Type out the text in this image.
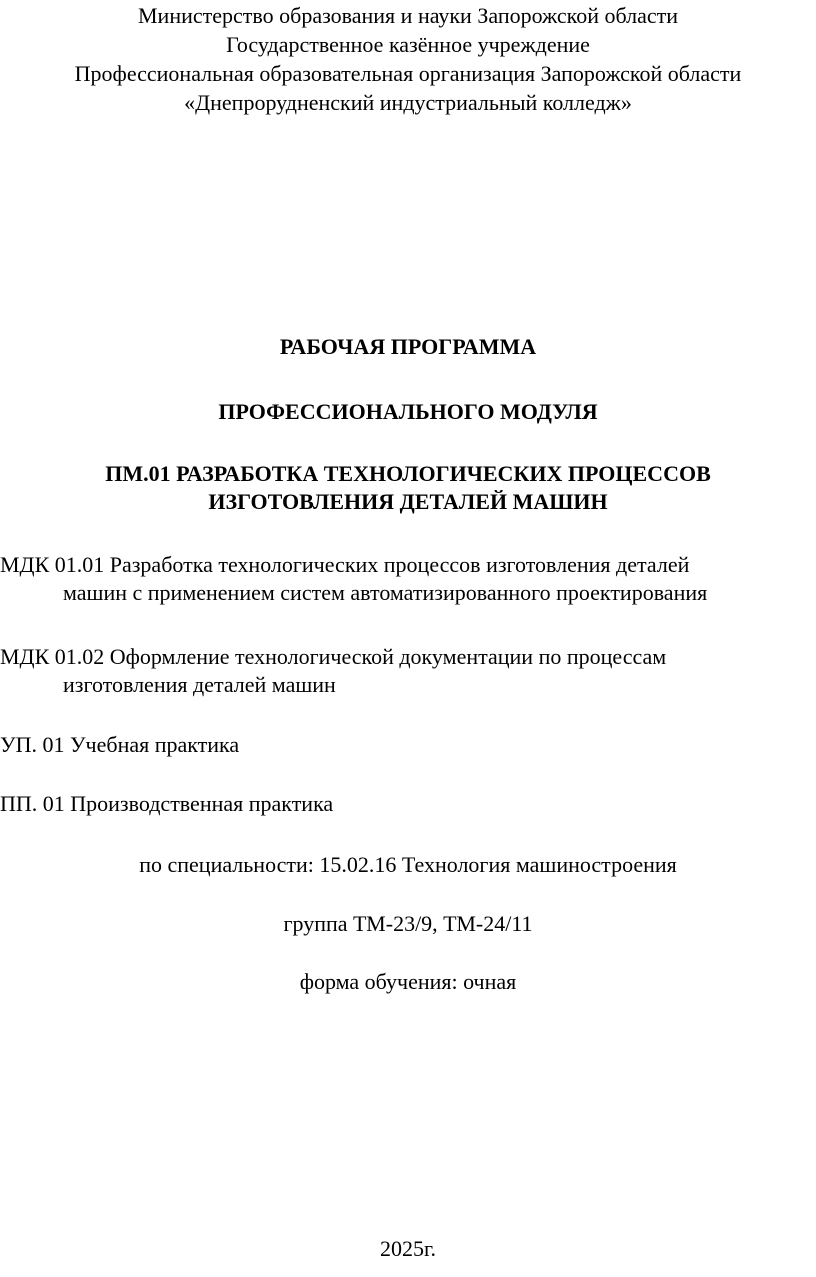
Министерство образования и науки Запорожской области
Государственное казённое учреждение
Профессиональная образовательная организация Запорожской области
«Днепрорудненский индустриальный колледж»
РАБОЧАЯ ПРОГРАММА
ПРОФЕССИОНАЛЬНОГО МОДУЛЯ
ПМ.01 РАЗРАБОТКА ТЕХНОЛОГИЧЕСКИХ ПРОЦЕССОВ
ИЗГОТОВЛЕНИЯ ДЕТАЛЕЙ МАШИН
МДК 01.01 Разработка технологических процессов изготовления деталей
машин с применением систем автоматизированного проектирования
МДК 01.02 Оформление технологической документации по процессам
изготовления деталей машин
УП. 01 Учебная практика
ПП. 01 Производственная практика
по специальности: 15.02.16 Технология машиностроения
группа ТМ-23/9, ТМ-24/11
форма обучения: очная
2025г.
